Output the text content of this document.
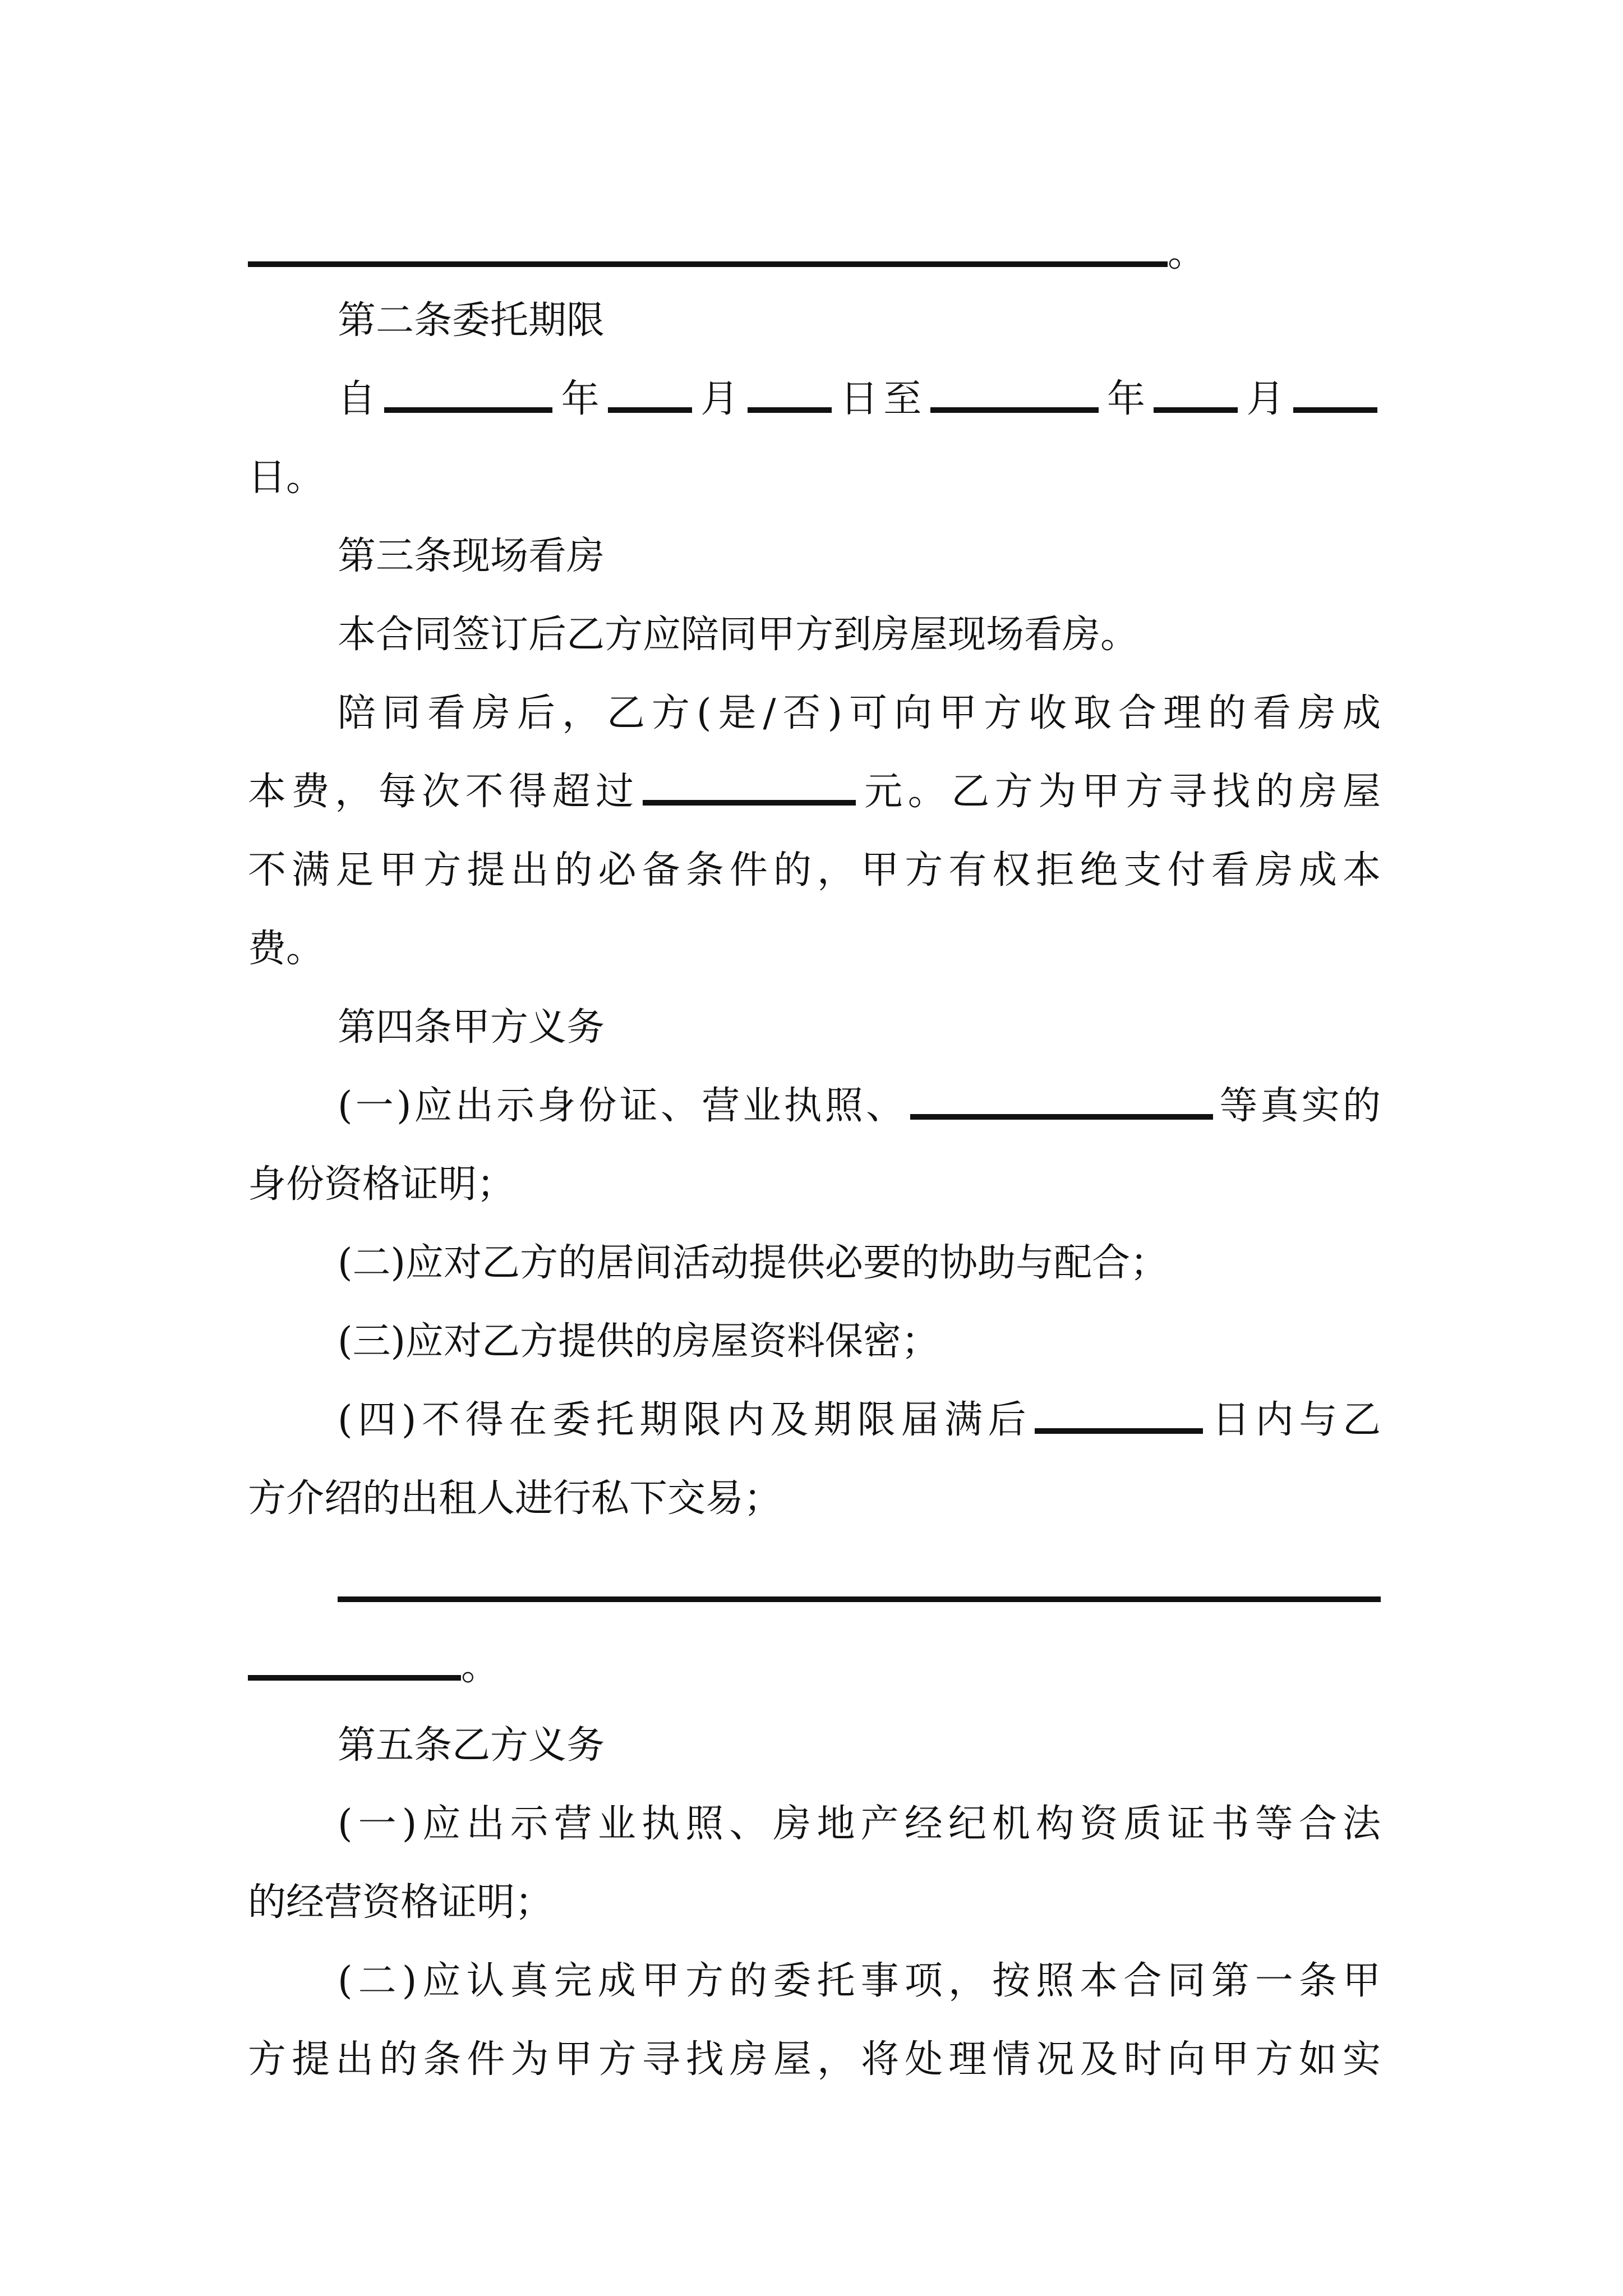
。
第二条委托期限
自	年 月 日至	年 月
日。
第三条现场看房
本合同签订后乙方应陪同甲方到房屋现场看房。
陪同看房后，乙方(是/否)可向甲方收取合理的看房成
本费，每次不得超过	元。乙方为甲方寻找的房屋
不满足甲方提出的必备条件的，甲方有权拒绝支付看房成本
费。
第四条甲方义务
(一)应出示身份证、营业执照、	等真实的
身份资格证明；
(二)应对乙方的居间活动提供必要的协助与配合；
(三)应对乙方提供的房屋资料保密；
(四)不得在委托期限内及期限届满后	日内与乙
方介绍的出租人进行私下交易；
。
第五条乙方义务
(一)应出示营业执照、房地产经纪机构资质证书等合法
的经营资格证明；
(二)应认真完成甲方的委托事项，按照本合同第一条甲
方提出的条件为甲方寻找房屋，将处理情况及时向甲方如实
